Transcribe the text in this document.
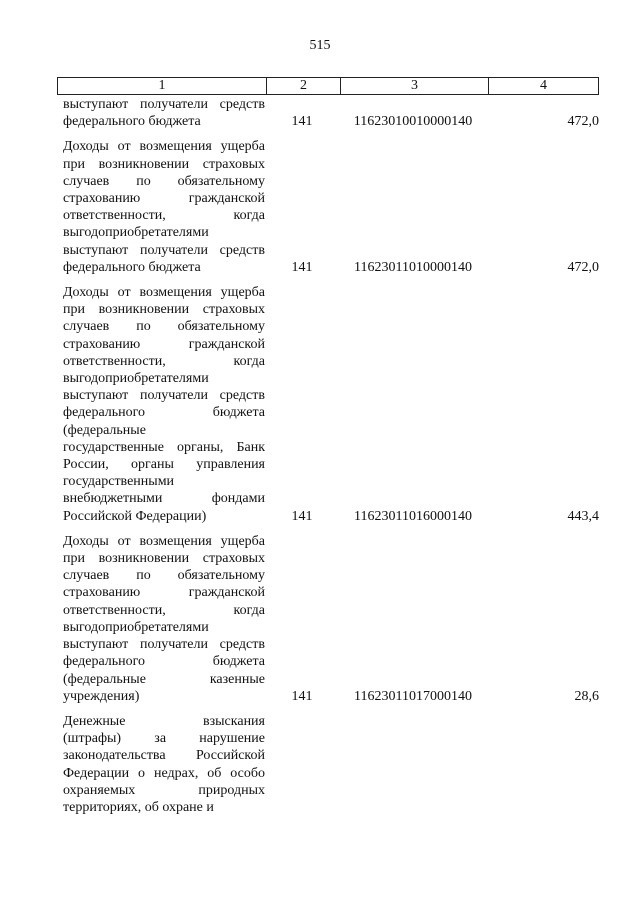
515
1	2	3	4
выступают получатели средств
федерального бюджета	141	11623010010000140	472,0
Доходы от возмещения ущерба
при возникновении страховых
случаев по обязательному
страхованию гражданской
ответственности, когда
выгодоприобретателями
выступают получатели средств
федерального бюджета	141	11623011010000140	472,0
Доходы от возмещения ущерба
при возникновении страховых
случаев по обязательному
страхованию гражданской
ответственности, когда
выгодоприобретателями
выступают получатели средств
федерального бюджета
(федеральные
государственные органы, Банк
России, органы управления
государственными
внебюджетными фондами
Российской Федерации)	141	11623011016000140	443,4
Доходы от возмещения ущерба
при возникновении страховых
случаев по обязательному
страхованию гражданской
ответственности, когда
выгодоприобретателями
выступают получатели средств
федерального бюджета
(федеральные казенные
учреждения)	141	11623011017000140	28,6
Денежные взыскания
(штрафы) за нарушение
законодательства Российской
Федерации о недрах, об особо
охраняемых природных
территориях, об охране и
